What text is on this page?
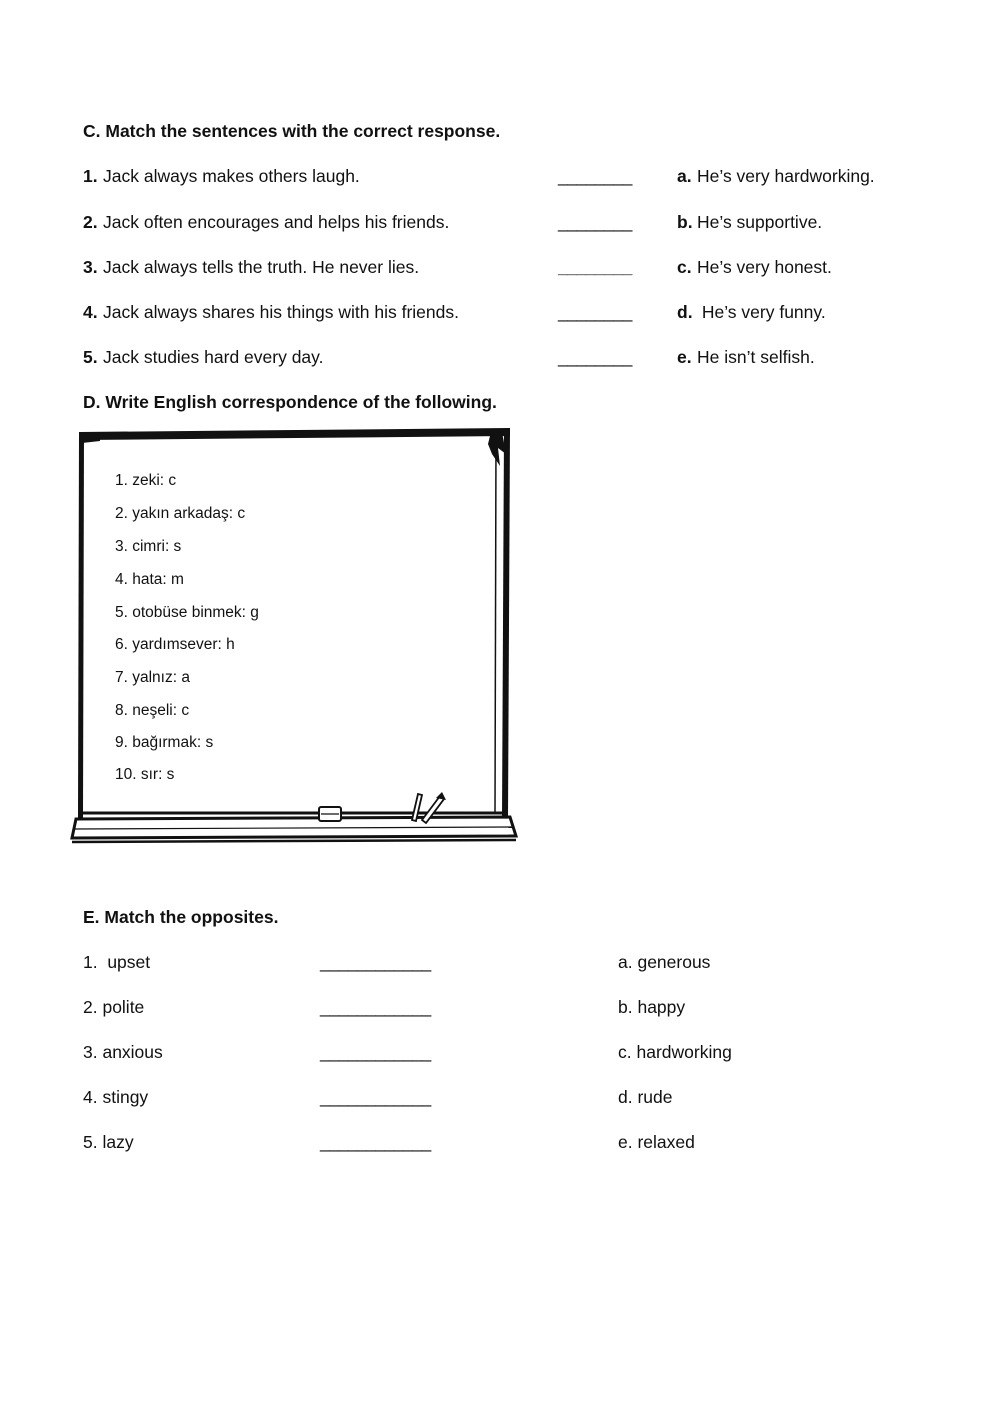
C. Match the sentences with the correct response.
1. Jack always makes others laugh.	________	a. He’s very hardworking.
2. Jack often encourages and helps his friends.	________	b. He’s supportive.
3. Jack always tells the truth. He never lies.	________	c. He’s very honest.
4. Jack always shares his things with his friends.	________	d. He’s very funny.
5. Jack studies hard every day.	________	e. He isn’t selfish.
D. Write English correspondence of the following.
1. zeki: c
2. yakın arkadaş: c
3. cimri: s
4. hata: m
5. otobüse binmek: g
6. yardımsever: h
7. yalnız: a
8. neşeli: c
9. bağırmak: s
10. sır: s
E. Match the opposites.
1.  upset	____________	a. generous
2. polite	____________	b. happy
3. anxious	____________	c. hardworking
4. stingy	____________	d. rude
5. lazy	____________	e. relaxed
